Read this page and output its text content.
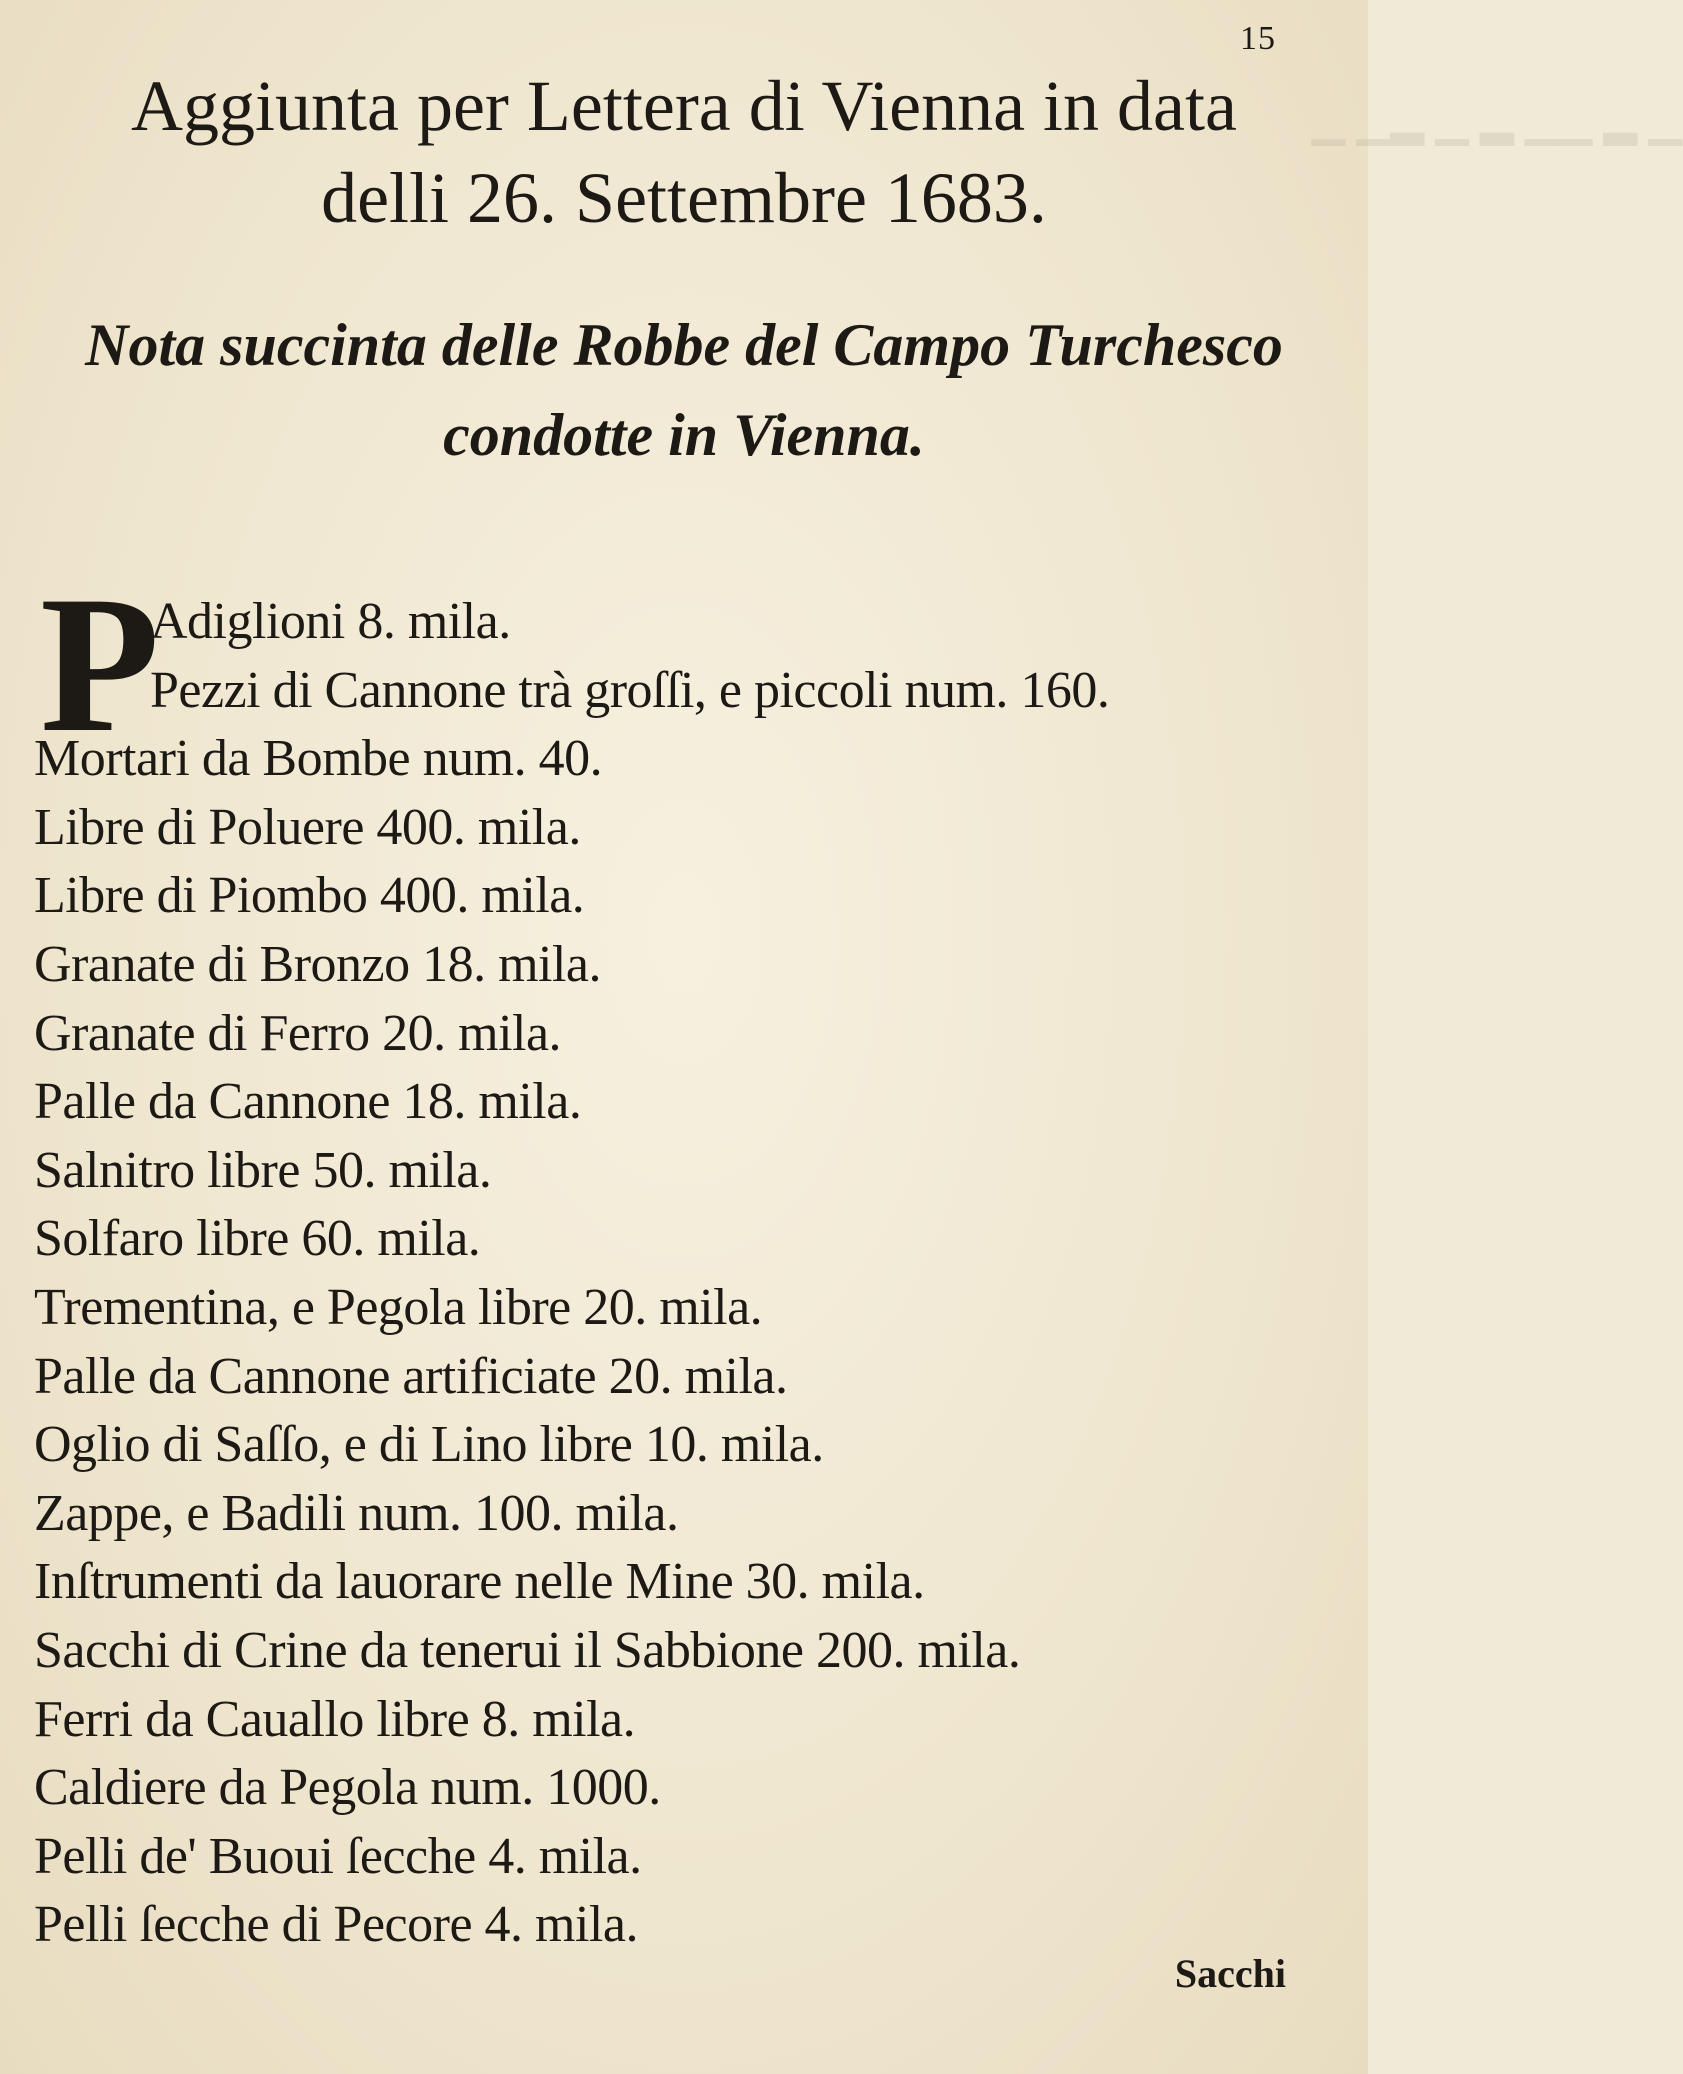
▁ ▂ ▁▁ ▂ ▁ ▂▁ ▁
15
Aggiunta per Lettera di Vienna in data
delli 26. Settembre 1683.
Nota succinta delle Robbe del Campo Turchesco
condotte in Vienna.
P
Adiglioni 8. mila.
Pezzi di Cannone trà groſſi, e piccoli num. 160.
Mortari da Bombe num. 40.
Libre di Poluere 400. mila.
Libre di Piombo 400. mila.
Granate di Bronzo 18. mila.
Granate di Ferro 20. mila.
Palle da Cannone 18. mila.
Salnitro libre 50. mila.
Solfaro libre 60. mila.
Trementina, e Pegola libre 20. mila.
Palle da Cannone artificiate 20. mila.
Oglio di Saſſo, e di Lino libre 10. mila.
Zappe, e Badili num. 100. mila.
Inſtrumenti da lauorare nelle Mine 30. mila.
Sacchi di Crine da tenerui il Sabbione 200. mila.
Ferri da Cauallo libre 8. mila.
Caldiere da Pegola num. 1000.
Pelli de' Buoui ſecche 4. mila.
Pelli ſecche di Pecore 4. mila.
Sacchi
